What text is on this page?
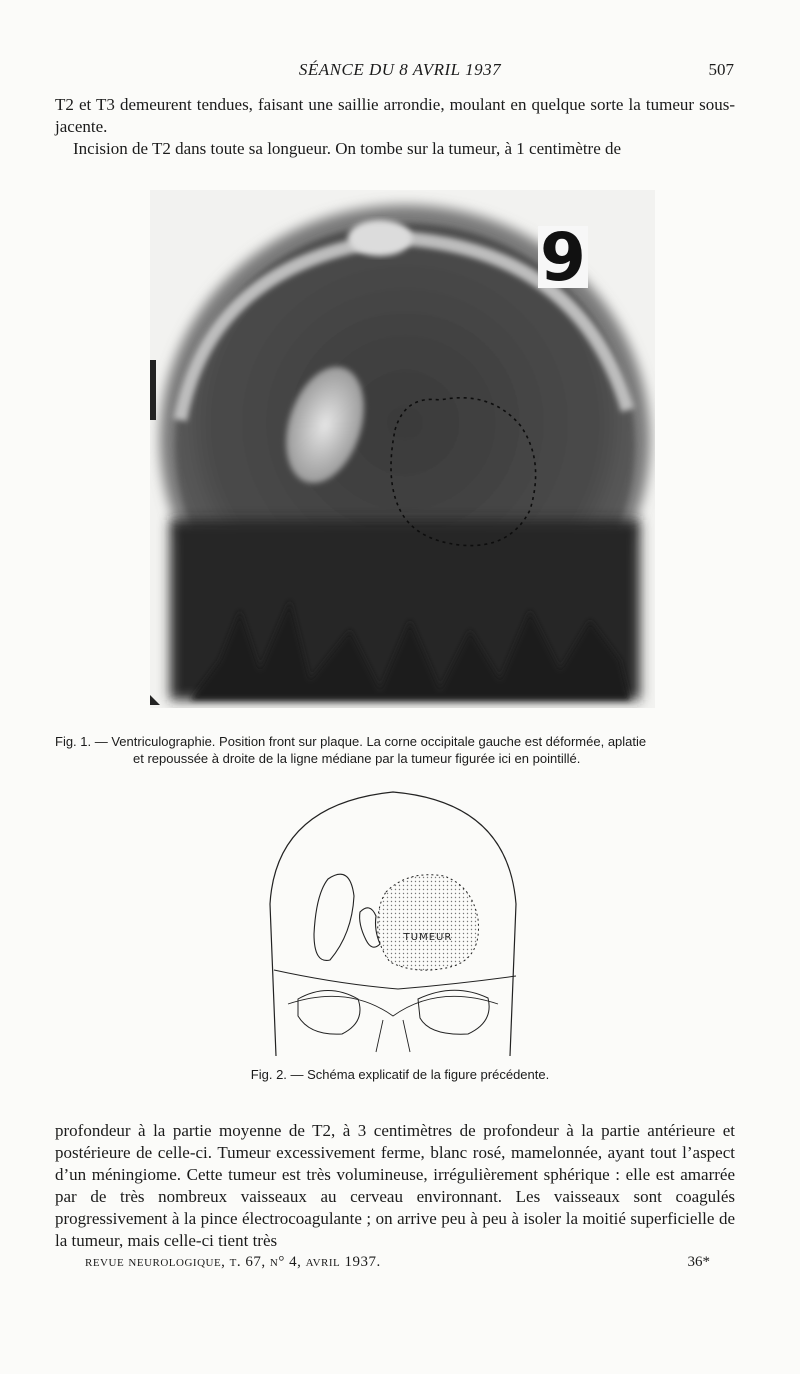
SÉANCE DU 8 AVRIL 1937	507

T2 et T3 demeurent tendues, faisant une saillie arrondie, moulant en quelque sorte la tumeur sous-jacente.

Incision de T2 dans toute sa longueur. On tombe sur la tumeur, à 1 centimètre de

9
Fig. 1. — Ventriculographie. Position front sur plaque. La corne occipitale gauche est déformée, aplatie
et repoussée à droite de la ligne médiane par la tumeur figurée ici en pointillé.
TUMEUR
Fig. 2. — Schéma explicatif de la figure précédente.

profondeur à la partie moyenne de T2, à 3 centimètres de profondeur à la partie antérieure et postérieure de celle-ci. Tumeur excessivement ferme, blanc rosé, mamelonnée, ayant tout l’aspect d’un méningiome. Cette tumeur est très volumineuse, irrégulièrement sphérique : elle est amarrée par de très nombreux vaisseaux au cerveau environnant. Les vaisseaux sont coagulés progressivement à la pince électrocoagulante ; on arrive peu à peu à isoler la moitié superficielle de la tumeur, mais celle-ci tient très

revue neurologique, t. 67, n° 4, avril 1937.	36*
